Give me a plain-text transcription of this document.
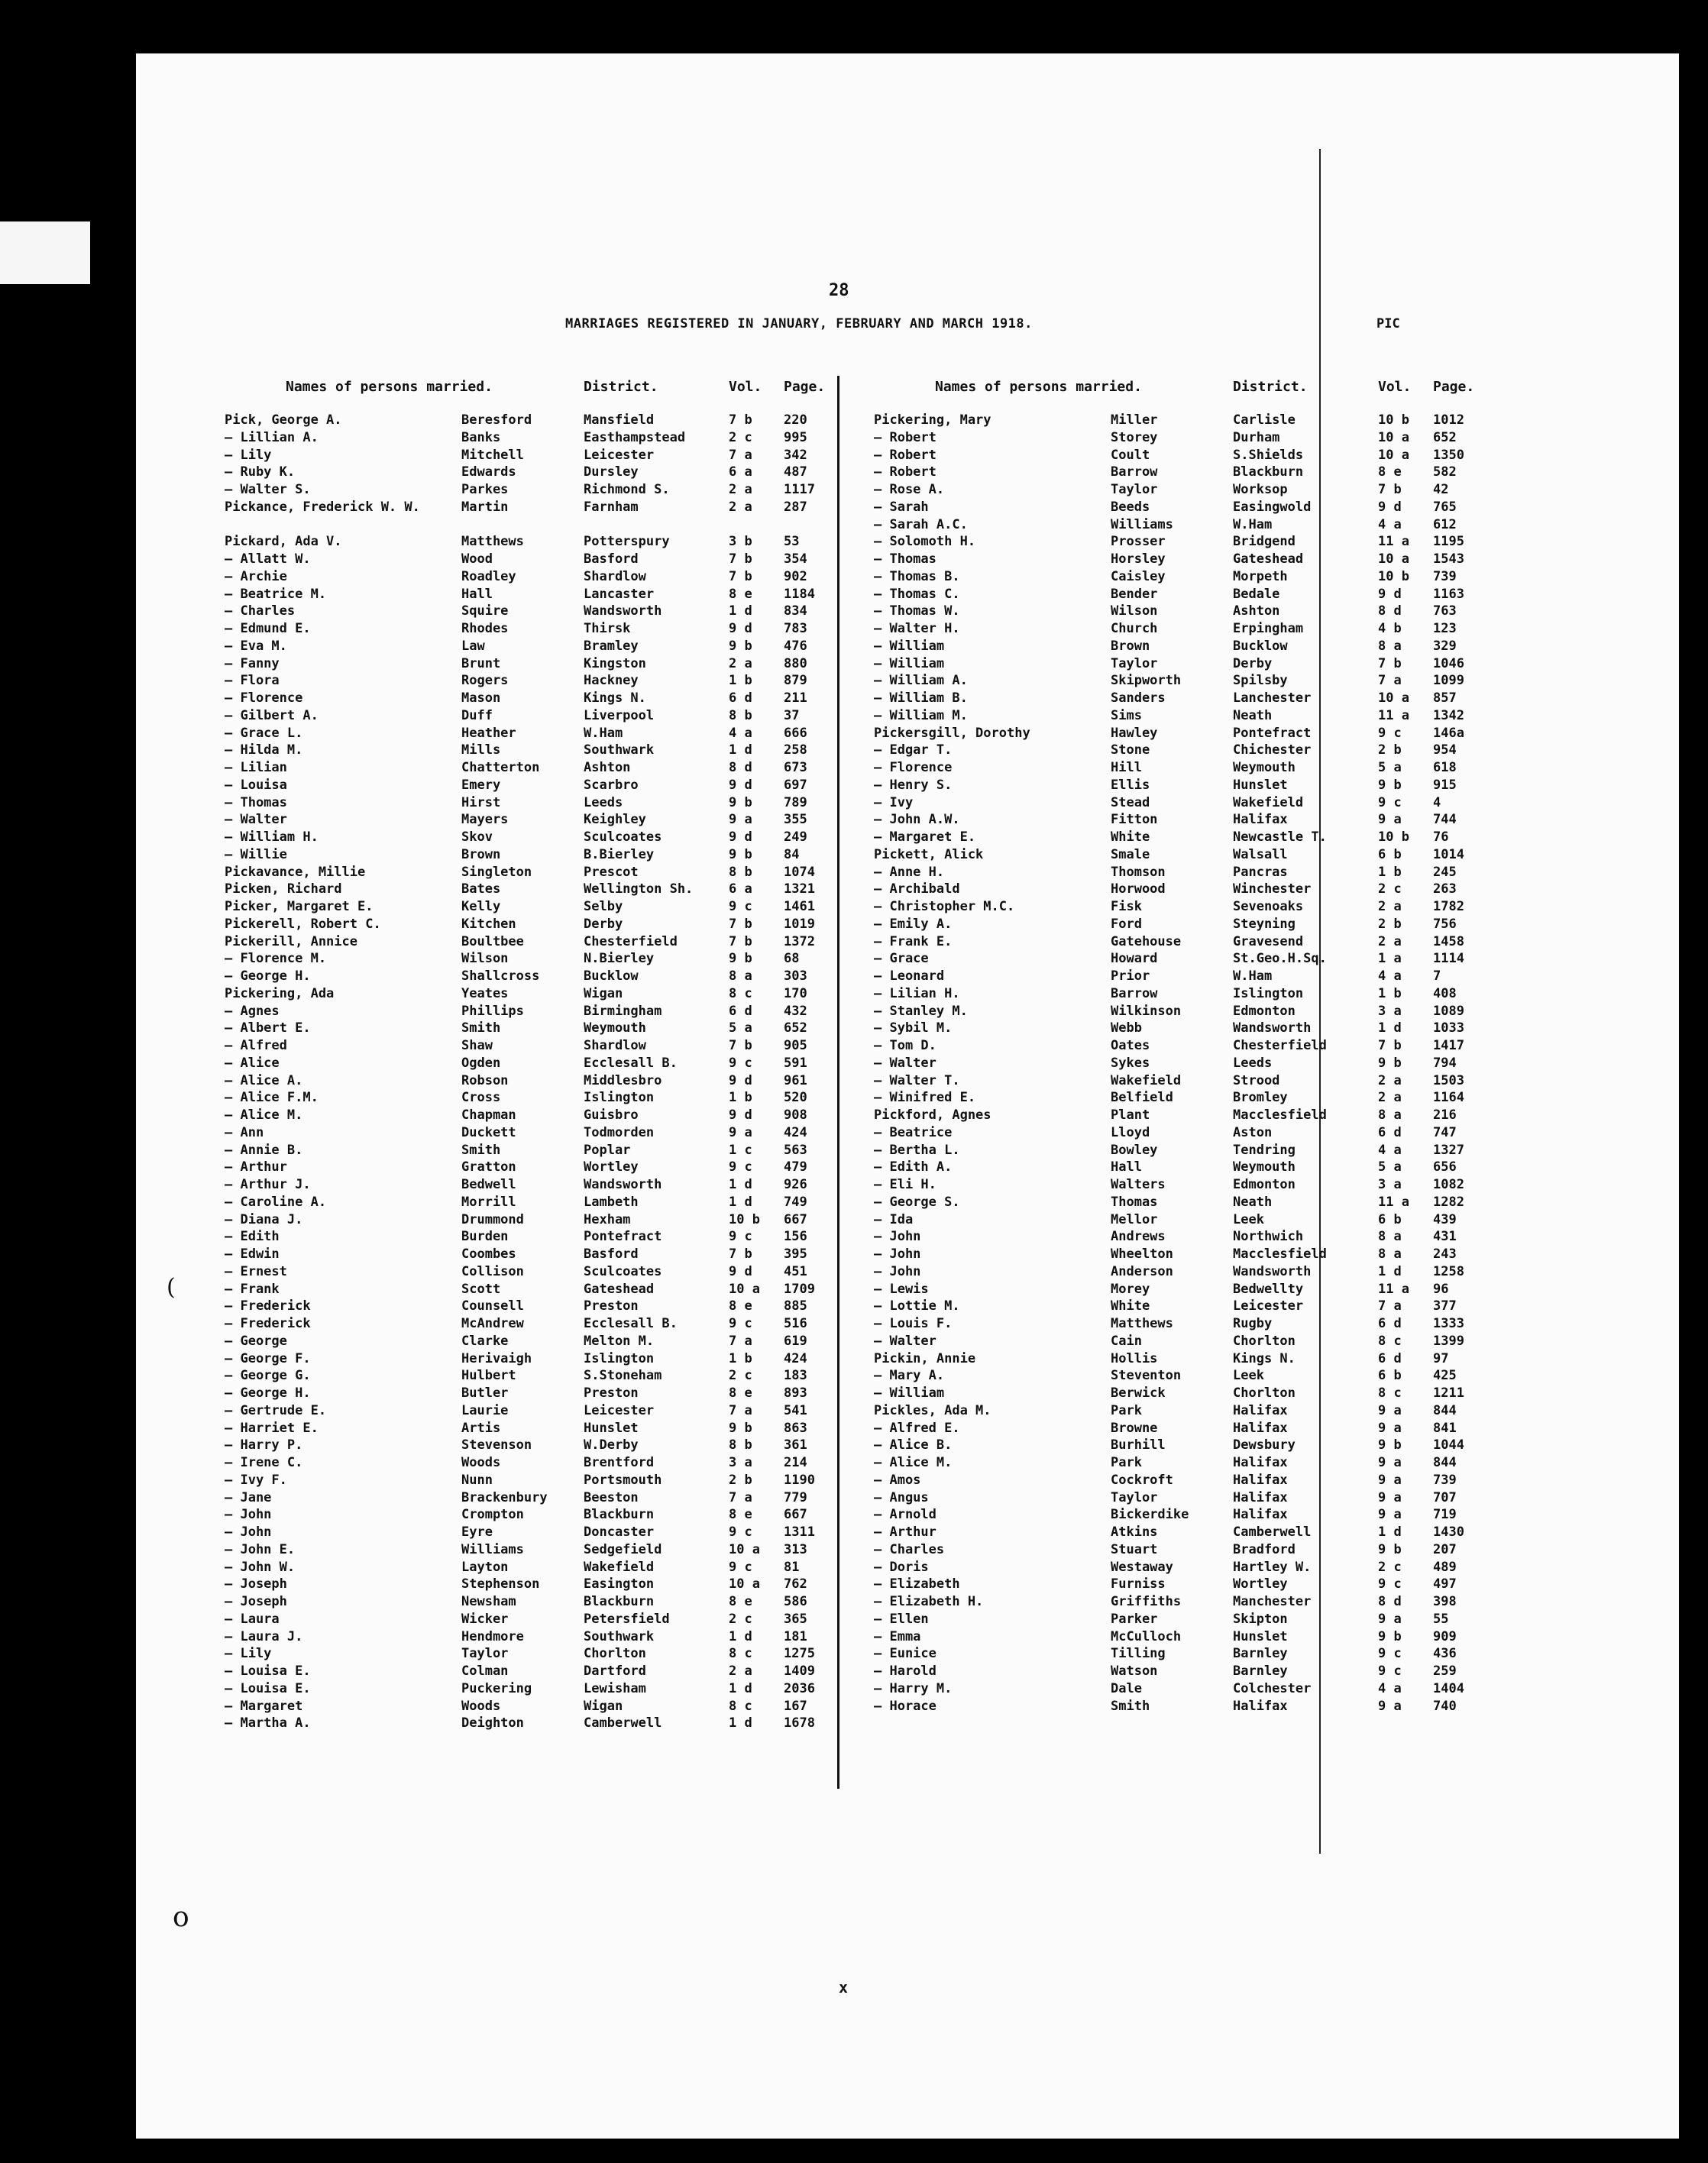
28
MARRIAGES REGISTERED IN JANUARY, FEBRUARY AND MARCH 1918.	PIC
Names of persons married.	District.	Vol. Page.
Pick, George A.	Beresford	Mansfield	7 b 220
— Lillian A.	Banks	Easthampstead	2 c 995
— Lily	Mitchell	Leicester	7 a 342
— Ruby K.	Edwards	Dursley	6 a 487
— Walter S.	Parkes	Richmond S.	2 a 1117
Pickance, Frederick W. W.	Martin	Farnham	2 a 287
Pickard, Ada V.	Matthews	Potterspury	3 b 53
— Allatt W.	Wood	Basford	7 b 354
— Archie	Roadley	Shardlow	7 b 902
— Beatrice M.	Hall	Lancaster	8 e 1184
— Charles	Squire	Wandsworth	1 d 834
— Edmund E.	Rhodes	Thirsk	9 d 783
— Eva M.	Law	Bramley	9 b 476
— Fanny	Brunt	Kingston	2 a 880
— Flora	Rogers	Hackney	1 b 879
— Florence	Mason	Kings N.	6 d 211
— Gilbert A.	Duff	Liverpool	8 b 37
— Grace L.	Heather	W.Ham	4 a 666
— Hilda M.	Mills	Southwark	1 d 258
— Lilian	Chatterton	Ashton	8 d 673
— Louisa	Emery	Scarbro	9 d 697
— Thomas	Hirst	Leeds	9 b 789
— Walter	Mayers	Keighley	9 a 355
— William H.	Skov	Sculcoates	9 d 249
— Willie	Brown	B.Bierley	9 b 84
Pickavance, Millie	Singleton	Prescot	8 b 1074
Picken, Richard	Bates	Wellington Sh.	6 a 1321
Picker, Margaret E.	Kelly	Selby	9 c 1461
Pickerell, Robert C.	Kitchen	Derby	7 b 1019
Pickerill, Annice	Boultbee	Chesterfield	7 b 1372
— Florence M.	Wilson	N.Bierley	9 b 68
— George H.	Shallcross	Bucklow	8 a 303
Pickering, Ada	Yeates	Wigan	8 c 170
— Agnes	Phillips	Birmingham	6 d 432
— Albert E.	Smith	Weymouth	5 a 652
— Alfred	Shaw	Shardlow	7 b 905
— Alice	Ogden	Ecclesall B.	9 c 591
— Alice A.	Robson	Middlesbro	9 d 961
— Alice F.M.	Cross	Islington	1 b 520
— Alice M.	Chapman	Guisbro	9 d 908
— Ann	Duckett	Todmorden	9 a 424
— Annie B.	Smith	Poplar	1 c 563
— Arthur	Gratton	Wortley	9 c 479
— Arthur J.	Bedwell	Wandsworth	1 d 926
— Caroline A.	Morrill	Lambeth	1 d 749
— Diana J.	Drummond	Hexham	10 b 667
— Edith	Burden	Pontefract	9 c 156
— Edwin	Coombes	Basford	7 b 395
— Ernest	Collison	Sculcoates	9 d 451
— Frank	Scott	Gateshead	10 a 1709
— Frederick	Counsell	Preston	8 e 885
— Frederick	McAndrew	Ecclesall B.	9 c 516
— George	Clarke	Melton M.	7 a 619
— George F.	Herivaigh	Islington	1 b 424
— George G.	Hulbert	S.Stoneham	2 c 183
— George H.	Butler	Preston	8 e 893
— Gertrude E.	Laurie	Leicester	7 a 541
— Harriet E.	Artis	Hunslet	9 b 863
— Harry P.	Stevenson	W.Derby	8 b 361
— Irene C.	Woods	Brentford	3 a 214
— Ivy F.	Nunn	Portsmouth	2 b 1190
— Jane	Brackenbury	Beeston	7 a 779
— John	Crompton	Blackburn	8 e 667
— John	Eyre	Doncaster	9 c 1311
— John E.	Williams	Sedgefield	10 a 313
— John W.	Layton	Wakefield	9 c 81
— Joseph	Stephenson	Easington	10 a 762
— Joseph	Newsham	Blackburn	8 e 586
— Laura	Wicker	Petersfield	2 c 365
— Laura J.	Hendmore	Southwark	1 d 181
— Lily	Taylor	Chorlton	8 c 1275
— Louisa E.	Colman	Dartford	2 a 1409
— Louisa E.	Puckering	Lewisham	1 d 2036
— Margaret	Woods	Wigan	8 c 167
— Martha A.	Deighton	Camberwell	1 d 1678
Names of persons married.	District.	Vol. Page.
Pickering, Mary	Miller	Carlisle	10 b 1012
— Robert	Storey	Durham	10 a 652
— Robert	Coult	S.Shields	10 a 1350
— Robert	Barrow	Blackburn	8 e 582
— Rose A.	Taylor	Worksop	7 b 42
— Sarah	Beeds	Easingwold	9 d 765
— Sarah A.C.	Williams	W.Ham	4 a 612
— Solomoth H.	Prosser	Bridgend	11 a 1195
— Thomas	Horsley	Gateshead	10 a 1543
— Thomas B.	Caisley	Morpeth	10 b 739
— Thomas C.	Bender	Bedale	9 d 1163
— Thomas W.	Wilson	Ashton	8 d 763
— Walter H.	Church	Erpingham	4 b 123
— William	Brown	Bucklow	8 a 329
— William	Taylor	Derby	7 b 1046
— William A.	Skipworth	Spilsby	7 a 1099
— William B.	Sanders	Lanchester	10 a 857
— William M.	Sims	Neath	11 a 1342
Pickersgill, Dorothy	Hawley	Pontefract	9 c 146a
— Edgar T.	Stone	Chichester	2 b 954
— Florence	Hill	Weymouth	5 a 618
— Henry S.	Ellis	Hunslet	9 b 915
— Ivy	Stead	Wakefield	9 c 4
— John A.W.	Fitton	Halifax	9 a 744
— Margaret E.	White	Newcastle T.	10 b 76
Pickett, Alick	Smale	Walsall	6 b 1014
— Anne H.	Thomson	Pancras	1 b 245
— Archibald	Horwood	Winchester	2 c 263
— Christopher M.C.	Fisk	Sevenoaks	2 a 1782
— Emily A.	Ford	Steyning	2 b 756
— Frank E.	Gatehouse	Gravesend	2 a 1458
— Grace	Howard	St.Geo.H.Sq.	1 a 1114
— Leonard	Prior	W.Ham	4 a 7
— Lilian H.	Barrow	Islington	1 b 408
— Stanley M.	Wilkinson	Edmonton	3 a 1089
— Sybil M.	Webb	Wandsworth	1 d 1033
— Tom D.	Oates	Chesterfield	7 b 1417
— Walter	Sykes	Leeds	9 b 794
— Walter T.	Wakefield	Strood	2 a 1503
— Winifred E.	Belfield	Bromley	2 a 1164
Pickford, Agnes	Plant	Macclesfield	8 a 216
— Beatrice	Lloyd	Aston	6 d 747
— Bertha L.	Bowley	Tendring	4 a 1327
— Edith A.	Hall	Weymouth	5 a 656
— Eli H.	Walters	Edmonton	3 a 1082
— George S.	Thomas	Neath	11 a 1282
— Ida	Mellor	Leek	6 b 439
— John	Andrews	Northwich	8 a 431
— John	Wheelton	Macclesfield	8 a 243
— John	Anderson	Wandsworth	1 d 1258
— Lewis	Morey	Bedwellty	11 a 96
— Lottie M.	White	Leicester	7 a 377
— Louis F.	Matthews	Rugby	6 d 1333
— Walter	Cain	Chorlton	8 c 1399
Pickin, Annie	Hollis	Kings N.	6 d 97
— Mary A.	Steventon	Leek	6 b 425
— William	Berwick	Chorlton	8 c 1211
Pickles, Ada M.	Park	Halifax	9 a 844
— Alfred E.	Browne	Halifax	9 a 841
— Alice B.	Burhill	Dewsbury	9 b 1044
— Alice M.	Park	Halifax	9 a 844
— Amos	Cockroft	Halifax	9 a 739
— Angus	Taylor	Halifax	9 a 707
— Arnold	Bickerdike	Halifax	9 a 719
— Arthur	Atkins	Camberwell	1 d 1430
— Charles	Stuart	Bradford	9 b 207
— Doris	Westaway	Hartley W.	2 c 489
— Elizabeth	Furniss	Wortley	9 c 497
— Elizabeth H.	Griffiths	Manchester	8 d 398
— Ellen	Parker	Skipton	9 a 55
— Emma	McCulloch	Hunslet	9 b 909
— Eunice	Tilling	Barnley	9 c 436
— Harold	Watson	Barnley	9 c 259
— Harry M.	Dale	Colchester	4 a 1404
— Horace	Smith	Halifax	9 a 740
(
o
x
